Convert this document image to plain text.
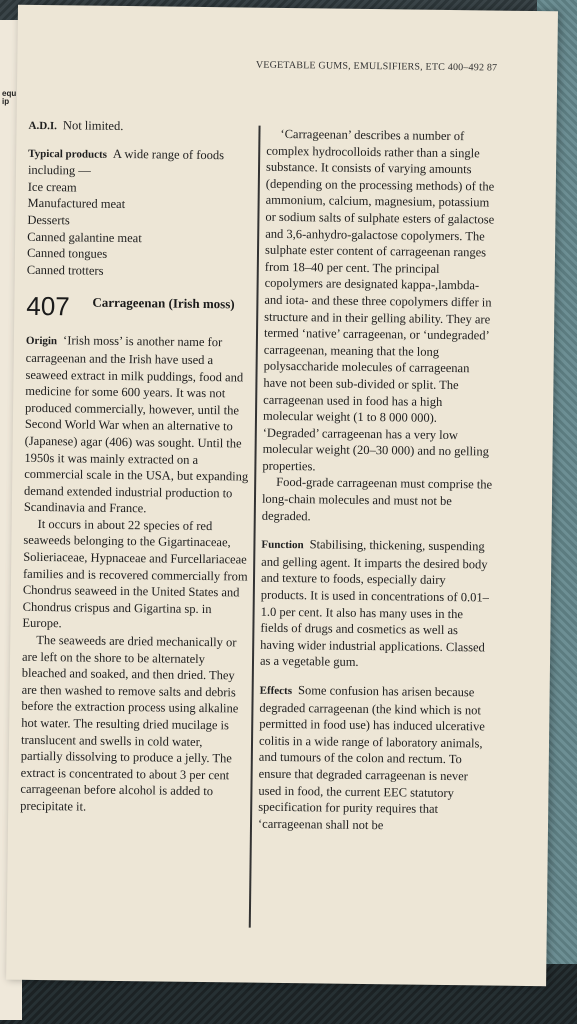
equip
VEGETABLE GUMS, EMULSIFIERS, ETC 400–492 87

A.D.I. Not limited.

Typical products A wide range of foods including —

Ice cream
Manufactured meat
Desserts
Canned galantine meat
Canned tongues
Canned trotters
407	Carrageenan (Irish moss)

Origin ‘Irish moss’ is another name for carrageenan and the Irish have used a seaweed extract in milk puddings, food and medicine for some 600 years. It was not produced commercially, however, until the Second World War when an alternative to (Japanese) agar (406) was sought. Until the 1950s it was mainly extracted on a commercial scale in the USA, but expanding demand extended industrial production to Scandinavia and France.

It occurs in about 22 species of red seaweeds belonging to the Gigartinaceae, Solieriaceae, Hypnaceae and Furcellariaceae families and is recovered commercially from Chondrus seaweed in the United States and Chondrus crispus and Gigartina sp. in Europe.

The seaweeds are dried mechanically or are left on the shore to be alternately bleached and soaked, and then dried. They are then washed to remove salts and debris before the extraction process using alkaline hot water. The resulting dried mucilage is translucent and swells in cold water, partially dissolving to produce a jelly. The extract is concentrated to about 3 per cent carrageenan before alcohol is added to precipitate it.

‘Carrageenan’ describes a number of complex hydrocolloids rather than a single substance. It consists of varying amounts (depending on the processing methods) of the ammonium, calcium, magnesium, potassium or sodium salts of sulphate esters of galactose and 3,6-anhydro-galactose copolymers. The sulphate ester content of carrageenan ranges from 18–40 per cent. The principal copolymers are designated kappa-,lambda- and iota- and these three copolymers differ in structure and in their gelling ability. They are termed ‘native’ carrageenan, or ‘undegraded’ carrageenan, meaning that the long polysaccharide molecules of carrageenan have not been sub-divided or split. The carrageenan used in food has a high molecular weight (1 to 8 000 000). ‘Degraded’ carrageenan has a very low molecular weight (20–30 000) and no gelling properties.

Food-grade carrageenan must comprise the long-chain molecules and must not be degraded.

Function Stabilising, thickening, suspending and gelling agent. It imparts the desired body and texture to foods, especially dairy products. It is used in concentrations of 0.01–1.0 per cent. It also has many uses in the fields of drugs and cosmetics as well as having wider industrial applications. Classed as a vegetable gum.

Effects Some confusion has arisen because degraded carrageenan (the kind which is not permitted in food use) has induced ulcerative colitis in a wide range of laboratory animals, and tumours of the colon and rectum. To ensure that degraded carrageenan is never used in food, the current EEC statutory specification for purity requires that ‘carrageenan shall not be
